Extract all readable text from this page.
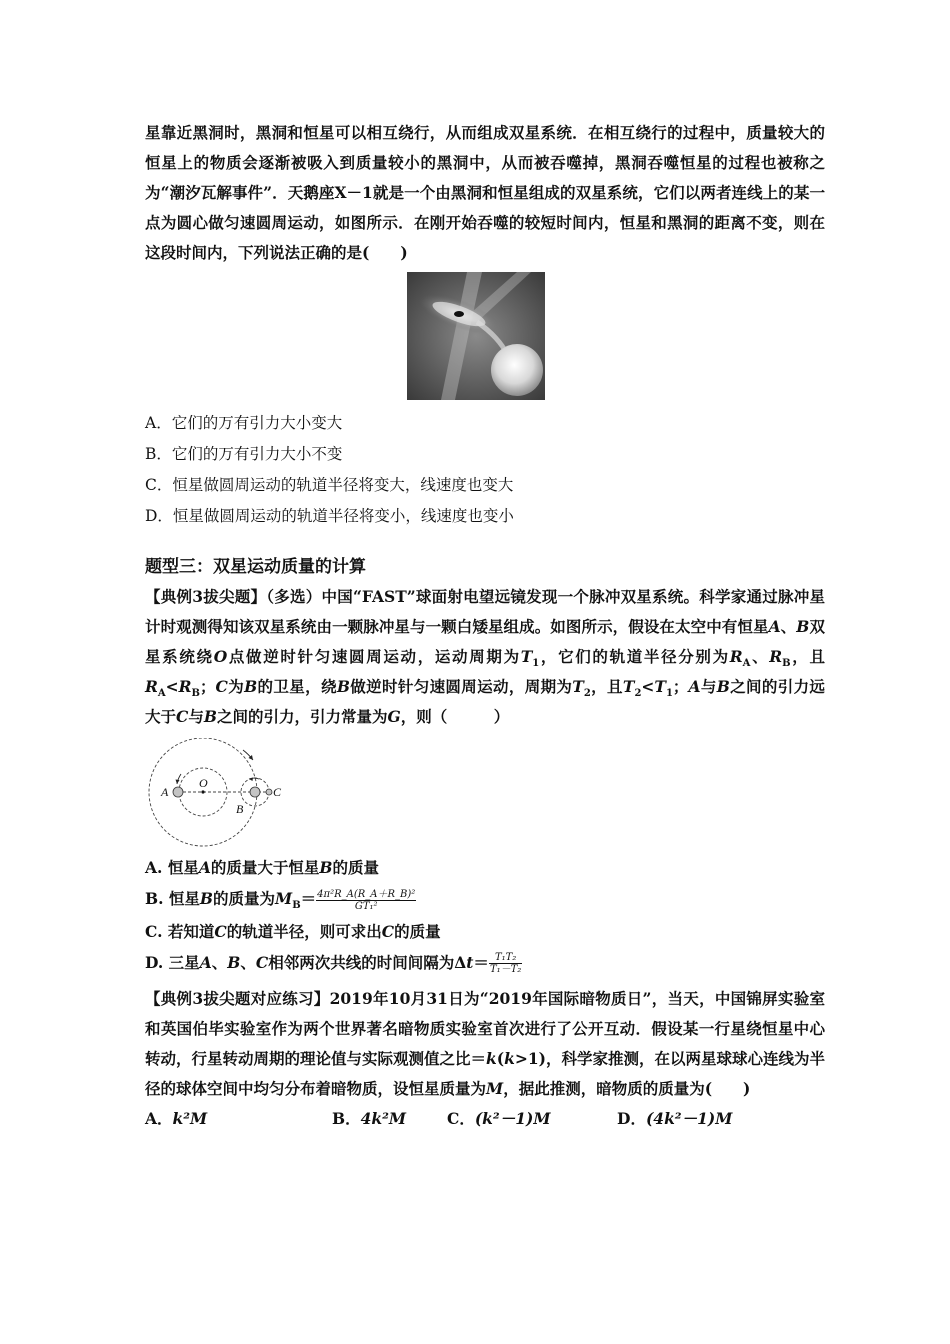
星靠近黑洞时，黑洞和恒星可以相互绕行，从而组成双星系统．在相互绕行的过程中，质量较大的恒星上的物质会逐渐被吸入到质量较小的黑洞中，从而被吞噬掉，黑洞吞噬恒星的过程也被称之为“潮汐瓦解事件”．天鹅座X－1就是一个由黑洞和恒星组成的双星系统，它们以两者连线上的某一点为圆心做匀速圆周运动，如图所示．在刚开始吞噬的较短时间内，恒星和黑洞的距离不变，则在这段时间内，下列说法正确的是(　　)

A．它们的万有引力大小变大

B．它们的万有引力大小不变

C．恒星做圆周运动的轨道半径将变大，线速度也变大

D．恒星做圆周运动的轨道半径将变小，线速度也变小

题型三：双星运动质量的计算

【典例3拔尖题】（多选）中国“FAST”球面射电望远镜发现一个脉冲双星系统。科学家通过脉冲星计时观测得知该双星系统由一颗脉冲星与一颗白矮星组成。如图所示，假设在太空中有恒星A、B双星系统绕O点做逆时针匀速圆周运动，运动周期为$T_1$，它们的轨道半径分别为$R_A$、$R_B$，且$R_A<R_B$；C为B的卫星，绕B做逆时针匀速圆周运动，周期为$T_2$，且$T_2<T_1$；A与B之间的引力远大于C与B之间的引力，引力常量为G，则（　　　）

A
O
B
C

A. 恒星A的质量大于恒星B的质量

B. 恒星B的质量为$M_B= \frac{\text{4π²R\_A(R\_A＋R\_B)²}}{\text{GT₁²}}$

C. 若知道C的轨道半径，则可求出C的质量

D. 三星A、B、C相邻两次共线的时间间隔为$\Delta t= \frac{\text{T₁T₂}}{\text{T₁－T₂}}$

【典例3拔尖题对应练习】2019年10月31日为“2019年国际暗物质日”，当天，中国锦屏实验室和英国伯毕实验室作为两个世界著名暗物质实验室首次进行了公开互动．假设某一行星绕恒星中心转动，行星转动周期的理论值与实际观测值之比＝k(k>1)，科学家推测，在以两星球球心连线为半径的球体空间中均匀分布着暗物质，设恒星质量为M，据此推测，暗物质的质量为(　　)

A．k²M	B．4k²M	C．(k²－1)M	D．(4k²－1)M
